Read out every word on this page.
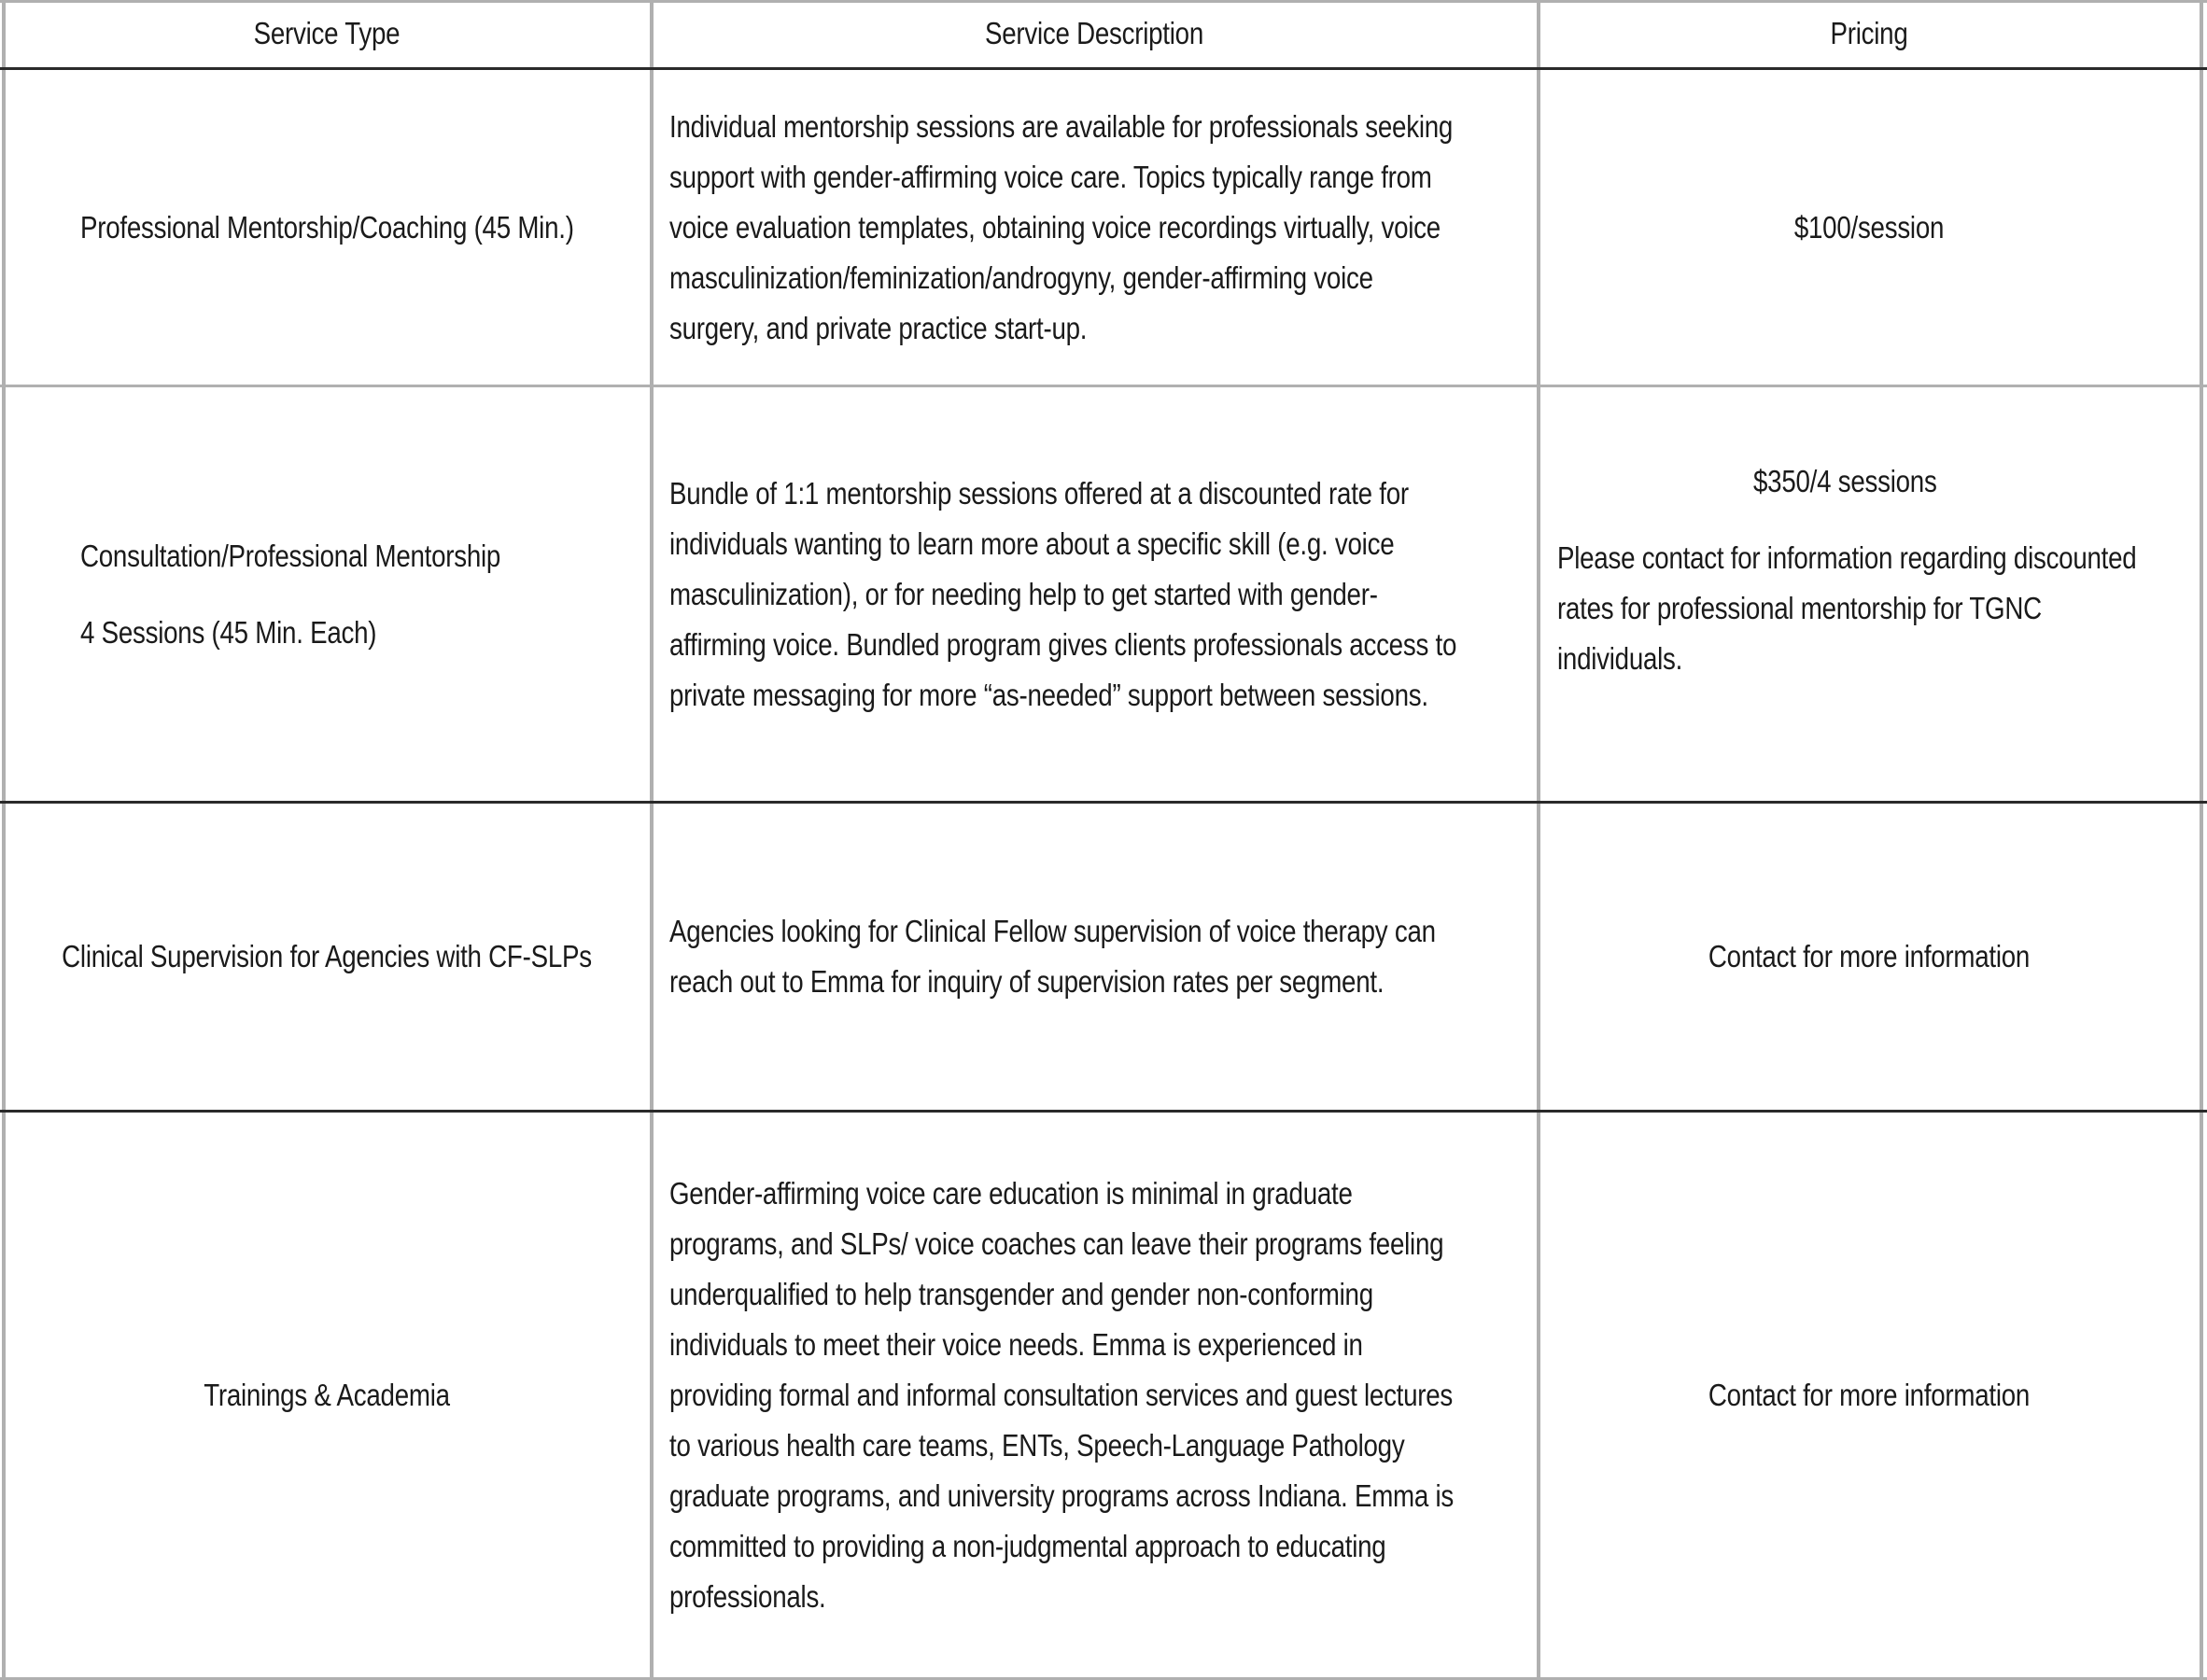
Service Type	Service Description	Pricing

Professional Mentorship/Coaching (45 Min.)

Individual mentorship sessions are available for professionals seeking

support with gender-affirming voice care. Topics typically range from

voice evaluation templates, obtaining voice recordings virtually, voice

masculinization/feminization/androgyny, gender-affirming voice

surgery, and private practice start-up.

$100/session

Consultation/Professional Mentorship

4 Sessions (45 Min. Each)

Bundle of 1:1 mentorship sessions offered at a discounted rate for

individuals wanting to learn more about a specific skill (e.g. voice

masculinization), or for needing help to get started with gender-

affirming voice. Bundled program gives clients professionals access to

private messaging for more “as-needed” support between sessions.

$350/4 sessions

Please contact for information regarding discounted

rates for professional mentorship for TGNC

individuals.

Clinical Supervision for Agencies with CF-SLPs

Agencies looking for Clinical Fellow supervision of voice therapy can

reach out to Emma for inquiry of supervision rates per segment.

Contact for more information

Trainings & Academia

Gender-affirming voice care education is minimal in graduate

programs, and SLPs/ voice coaches can leave their programs feeling

underqualified to help transgender and gender non-conforming

individuals to meet their voice needs. Emma is experienced in

providing formal and informal consultation services and guest lectures

to various health care teams, ENTs, Speech-Language Pathology

graduate programs, and university programs across Indiana. Emma is

committed to providing a non-judgmental approach to educating

professionals.

Contact for more information
